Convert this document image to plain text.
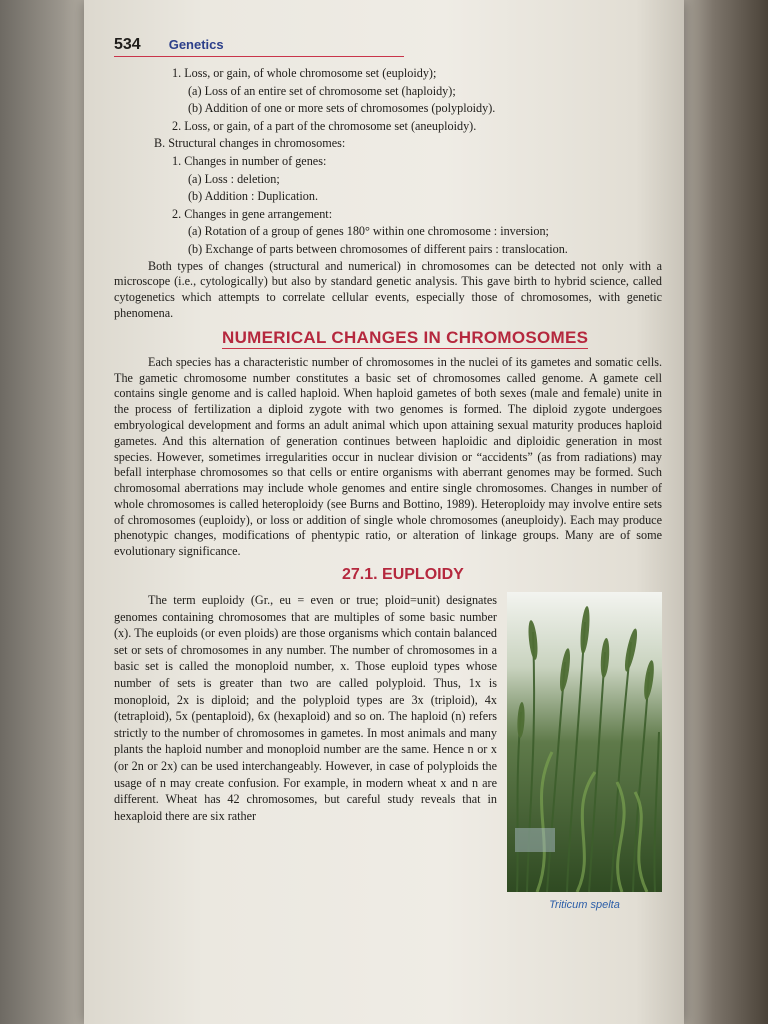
534 Genetics
1. Loss, or gain, of whole chromosome set (euploidy);
(a) Loss of an entire set of chromosome set (haploidy);
(b) Addition of one or more sets of chromosomes (polyploidy).
2. Loss, or gain, of a part of the chromosome set (aneuploidy).
B. Structural changes in chromosomes:
1. Changes in number of genes:
(a) Loss : deletion;
(b) Addition : Duplication.
2. Changes in gene arrangement:
(a) Rotation of a group of genes 180° within one chromosome : inversion;
(b) Exchange of parts between chromosomes of different pairs : translocation.

Both types of changes (structural and numerical) in chromosomes can be detected not only with a microscope (i.e., cytologically) but also by standard genetic analysis. This gave birth to hybrid science, called cytogenetics which attempts to correlate cellular events, especially those of chromosomes, with genetic phenomena.

NUMERICAL CHANGES IN CHROMOSOMES

Each species has a characteristic number of chromosomes in the nuclei of its gametes and somatic cells. The gametic chromosome number constitutes a basic set of chromosomes called genome. A gamete cell contains single genome and is called haploid. When haploid gametes of both sexes (male and female) unite in the process of fertilization a diploid zygote with two genomes is formed. The diploid zygote undergoes embryological development and forms an adult animal which upon attaining sexual maturity produces haploid gametes. And this alternation of generation continues between haploidic and diploidic generation in most species. However, sometimes irregularities occur in nuclear division or “accidents” (as from radiations) may befall interphase chromosomes so that cells or entire organisms with aberrant genomes may be formed. Such chromosomal aberrations may include whole genomes and entire single chromosomes. Changes in number of whole chromosomes is called heteroploidy (see Burns and Bottino, 1989). Heteroploidy may involve entire sets of chromosomes (euploidy), or loss or addition of single whole chromosomes (aneuploidy). Each may produce phenotypic changes, modifications of phentypic ratio, or alteration of linkage groups. Many are of some evolutionary significance.

27.1. EUPLOIDY

The term euploidy (Gr., eu = even or true; ploid=unit) designates genomes containing chromosomes that are multiples of some basic number (x). The euploids (or even ploids) are those organisms which contain balanced set or sets of chromosomes in any number. The number of chromosomes in a basic set is called the monoploid number, x. Those euploid types whose number of sets is greater than two are called polyploid. Thus, 1x is monoploid, 2x is diploid; and the polyploid types are 3x (triploid), 4x (tetraploid), 5x (pentaploid), 6x (hexaploid) and so on. The haploid (n) refers strictly to the number of chromosomes in gametes. In most animals and many plants the haploid number and monoploid number are the same. Hence n or x (or 2n or 2x) can be used interchangeably. However, in case of polyploids the usage of n may create confusion. For example, in modern wheat x and n are different. Wheat has 42 chromosomes, but careful study reveals that in hexaploid there are six rather

Triticum spelta
